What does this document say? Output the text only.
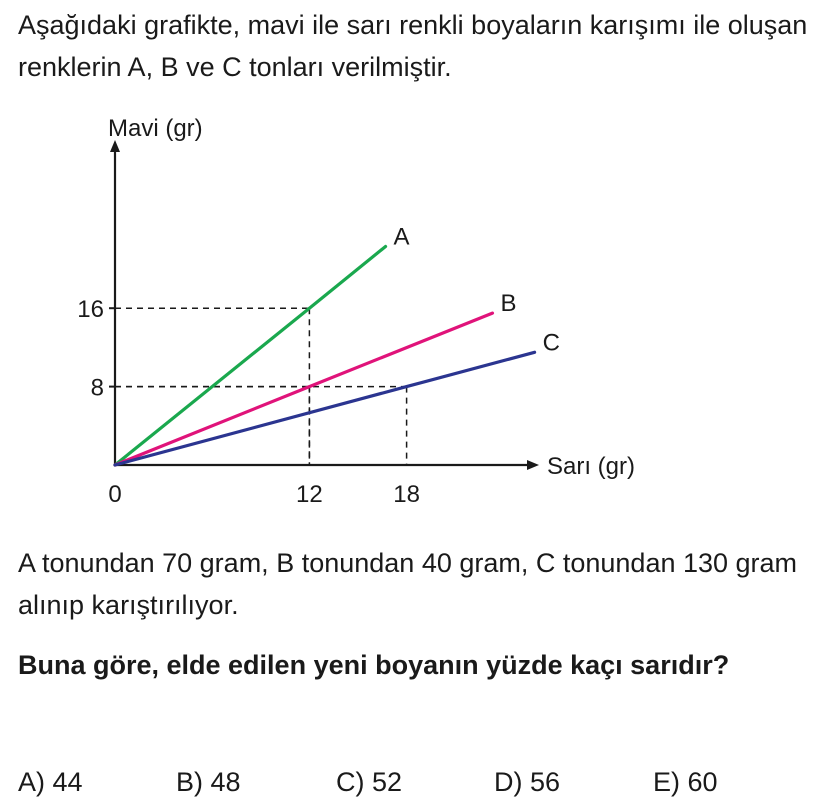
Aşağıdaki grafikte, mavi ile sarı renkli boyaların karışımı ile oluşan renklerin A, B ve C tonları verilmiştir.

Mavi (gr)
Sarı (gr)
0	12	18
16
8
A
B
C

A tonundan 70 gram, B tonundan 40 gram, C tonundan 130 gram alınıp karıştırılıyor.

Buna göre, elde edilen yeni boyanın yüzde kaçı sarıdır?

A) 44	B) 48	C) 52	D) 56	E) 60
